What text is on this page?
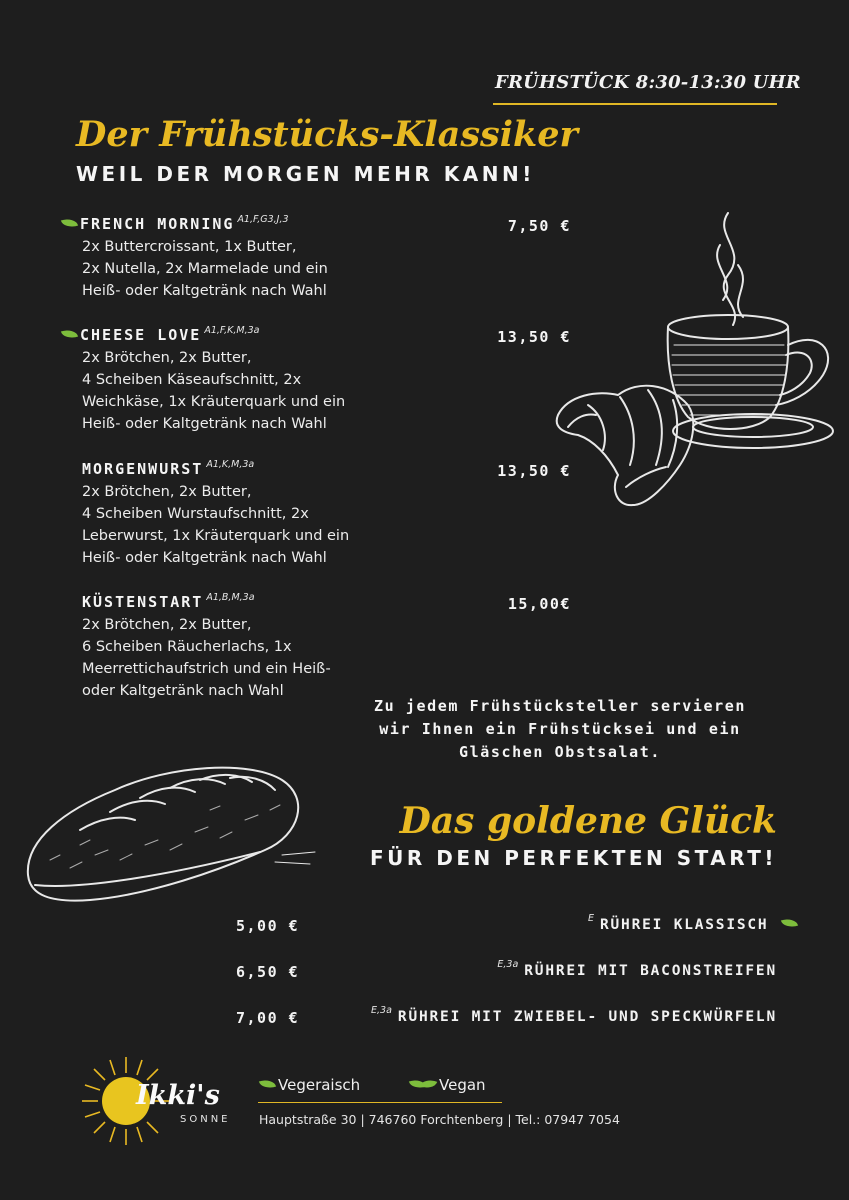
FRÜHSTÜCK 8:30-13:30 UHR
Der Frühstücks-Klassiker
WEIL DER MORGEN MEHR KANN!
FRENCH MORNING $^{A1,F,G3,J,3}$
2x Buttercroissant, 1x Butter,
2x Nutella, 2x Marmelade und ein
Heiß- oder Kaltgetränk nach Wahl
7,50 €
CHEESE LOVE $^{A1,F,K,M,3a}$
2x Brötchen, 2x Butter,
4 Scheiben Käseaufschnitt, 2x
Weichkäse, 1x Kräuterquark und ein
Heiß- oder Kaltgetränk nach Wahl
13,50 €
MORGENWURST $^{A1,K,M,3a}$
2x Brötchen, 2x Butter,
4 Scheiben Wurstaufschnitt, 2x
Leberwurst, 1x Kräuterquark und ein
Heiß- oder Kaltgetränk nach Wahl
13,50 €
KÜSTENSTART $^{A1,B,M,3a}$
2x Brötchen, 2x Butter,
6 Scheiben Räucherlachs, 1x
Meerrettichaufstrich und ein Heiß-
oder Kaltgetränk nach Wahl
15,00€
Zu jedem Frühstücksteller servieren
wir Ihnen ein Frühstücksei und ein
Gläschen Obstsalat.
Das goldene Glück
FÜR DEN PERFEKTEN START!
5,00 €	$^E$ RÜHREI KLASSISCH
6,50 €	$^{E,3a}$ RÜHREI MIT BACONSTREIFEN
7,00 €	$^{E,3a}$ RÜHREI MIT ZWIEBEL- UND SPECKWÜRFELN
Ikki's
SONNE
Vegeraisch	Vegan
Hauptstraße 30 | 746760 Forchtenberg | Tel.: 07947 7054
